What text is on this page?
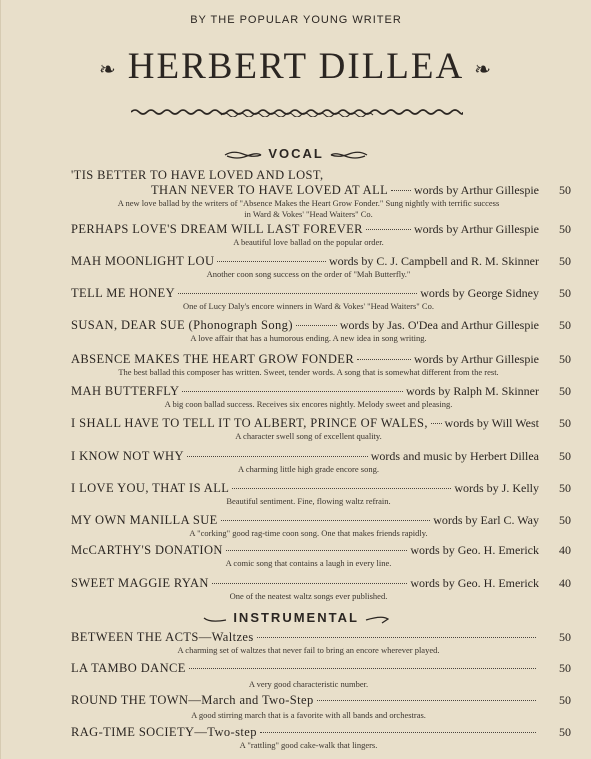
BY THE POPULAR YOUNG WRITER
❧ HERBERT DILLEA ❧
VOCAL
'TIS BETTER TO HAVE LOVED AND LOST,
THAN NEVER TO HAVE LOVED AT ALL words by Arthur Gillespie	50
A new love ballad by the writers of "Absence Makes the Heart Grow Fonder." Sung nightly with terrific success
in Ward & Vokes' "Head Waiters" Co.
PERHAPS LOVE'S DREAM WILL LAST FOREVER	words by Arthur Gillespie	50
A beautiful love ballad on the popular order.
MAH MOONLIGHT LOU	words by C. J. Campbell and R. M. Skinner	50
Another coon song success on the order of "Mah Butterfly."
TELL ME HONEY	words by George Sidney	50
One of Lucy Daly's encore winners in Ward & Vokes' "Head Waiters" Co.
SUSAN, DEAR SUE (Phonograph Song)	words by Jas. O'Dea and Arthur Gillespie	50
A love affair that has a humorous ending. A new idea in song writing.
ABSENCE MAKES THE HEART GROW FONDER	words by Arthur Gillespie	50
The best ballad this composer has written. Sweet, tender words. A song that is somewhat different from the rest.
MAH BUTTERFLY	words by Ralph M. Skinner	50
A big coon ballad success. Receives six encores nightly. Melody sweet and pleasing.
I SHALL HAVE TO TELL IT TO ALBERT, PRINCE OF WALES, words by Will West	50
A character swell song of excellent quality.
I KNOW NOT WHY	words and music by Herbert Dillea	50
A charming little high grade encore song.
I LOVE YOU, THAT IS ALL	words by J. Kelly	50
Beautiful sentiment. Fine, flowing waltz refrain.
MY OWN MANILLA SUE	words by Earl C. Way	50
A "corking" good rag-time coon song. One that makes friends rapidly.
McCARTHY'S DONATION	words by Geo. H. Emerick	40
A comic song that contains a laugh in every line.
SWEET MAGGIE RYAN	words by Geo. H. Emerick	40
One of the neatest waltz songs ever published.
INSTRUMENTAL
BETWEEN THE ACTS—Waltzes	50
A charming set of waltzes that never fail to bring an encore wherever played.
LA TAMBO DANCE	50
A very good characteristic number.
ROUND THE TOWN—March and Two-Step	50
A good stirring march that is a favorite with all bands and orchestras.
RAG-TIME SOCIETY—Two-step	50
A "rattling" good cake-walk that lingers.
